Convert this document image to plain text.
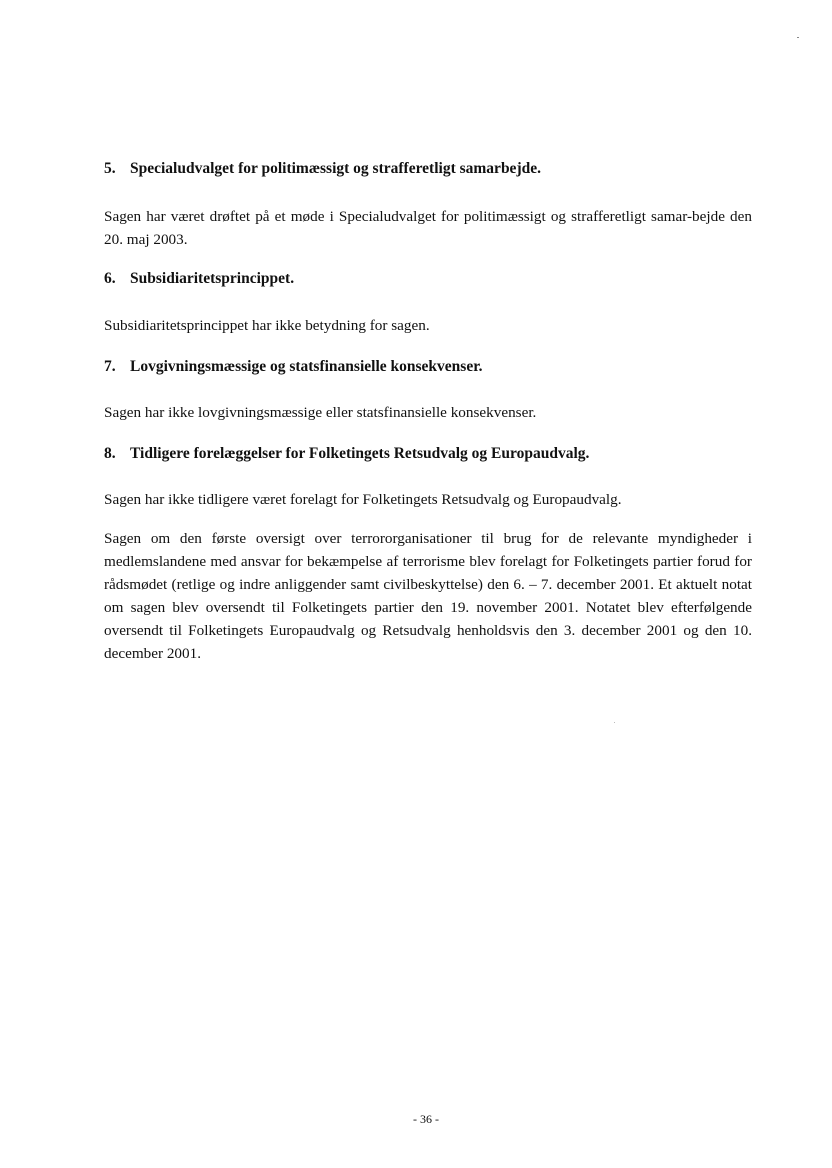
5. Specialudvalget for politimæssigt og strafferetligt samarbejde.

Sagen har været drøftet på et møde i Specialudvalget for politimæssigt og strafferetligt samar-bejde den 20. maj 2003.

6. Subsidiaritetsprincippet.

Subsidiaritetsprincippet har ikke betydning for sagen.

7. Lovgivningsmæssige og statsfinansielle konsekvenser.

Sagen har ikke lovgivningsmæssige eller statsfinansielle konsekvenser.

8. Tidligere forelæggelser for Folketingets Retsudvalg og Europaudvalg.

Sagen har ikke tidligere været forelagt for Folketingets Retsudvalg og Europaudvalg.

Sagen om den første oversigt over terrororganisationer til brug for de relevante myndigheder i medlemslandene med ansvar for bekæmpelse af terrorisme blev forelagt for Folketingets partier forud for rådsmødet (retlige og indre anliggender samt civilbeskyttelse) den 6. – 7. december 2001. Et aktuelt notat om sagen blev oversendt til Folketingets partier den 19. november 2001. Notatet blev efterfølgende oversendt til Folketingets Europaudvalg og Retsudvalg henholdsvis den 3. december 2001 og den 10. december 2001.

- 36 -
